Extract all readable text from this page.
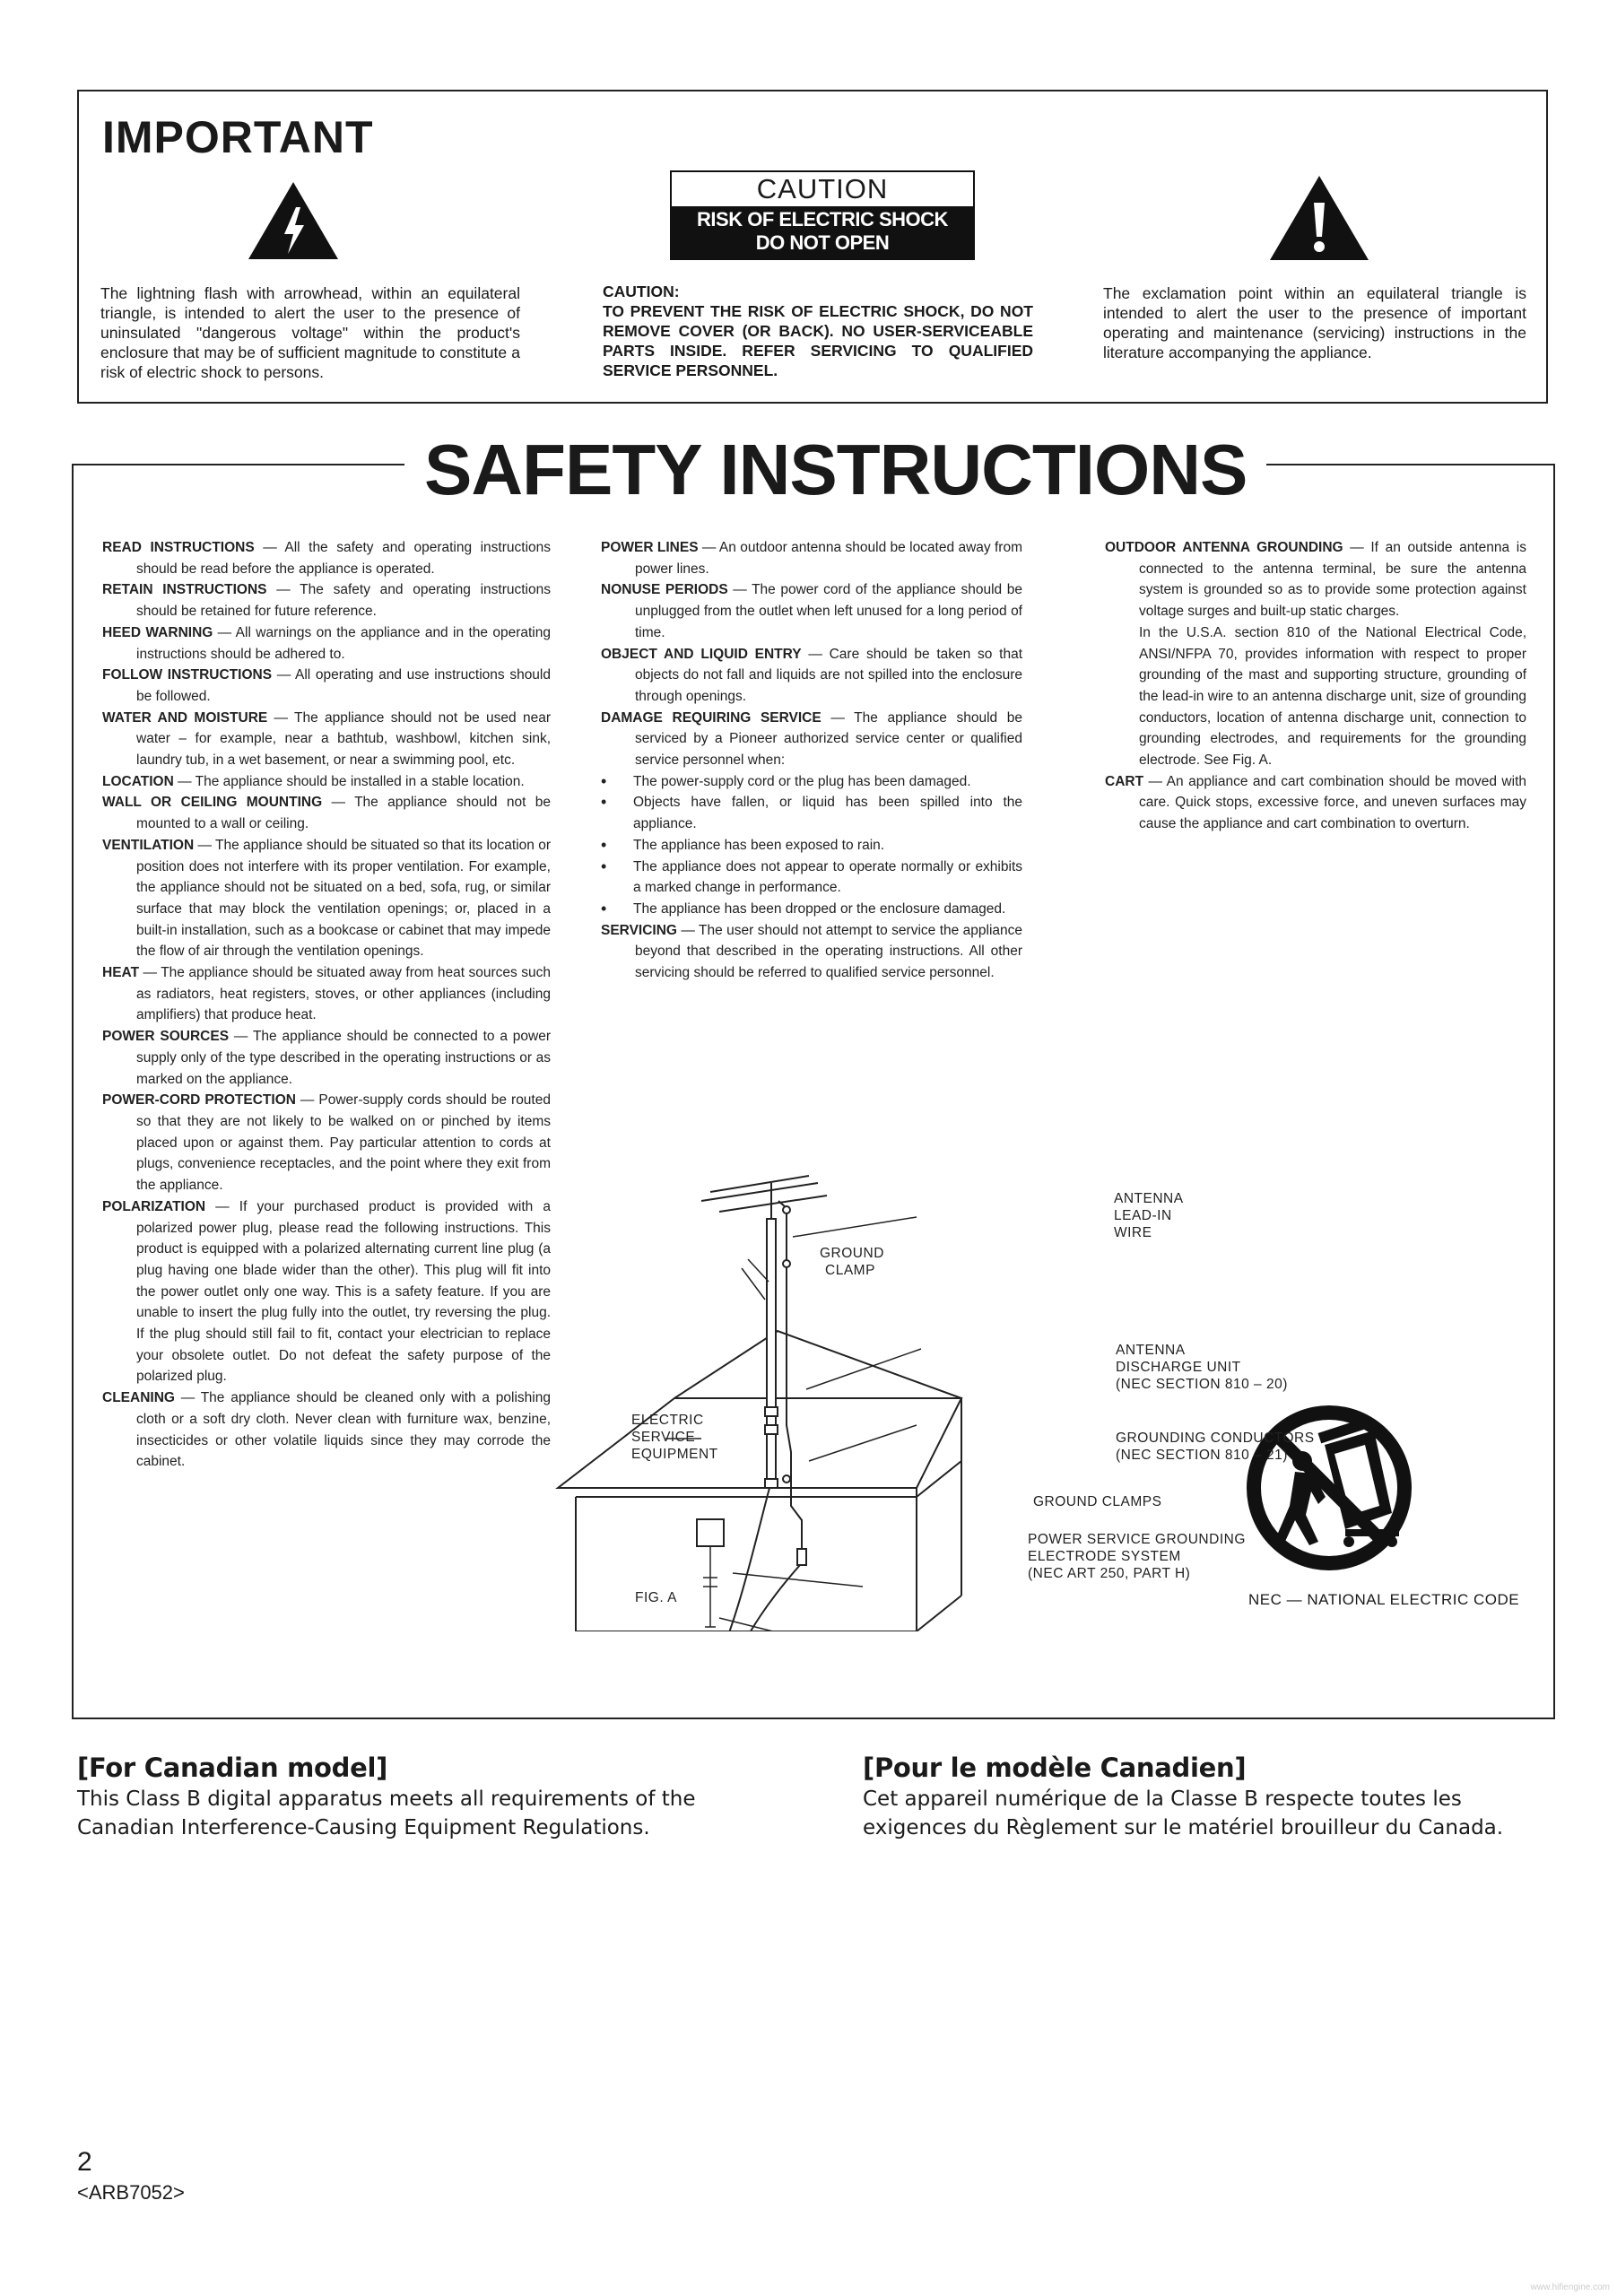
IMPORTANT
The lightning flash with arrowhead, within an equilateral triangle, is intended to alert the user to the presence of uninsulated "dangerous voltage" within the product's enclosure that may be of sufficient magnitude to constitute a risk of electric shock to persons.
CAUTION
RISK OF ELECTRIC SHOCK
DO NOT OPEN
CAUTION:
TO PREVENT THE RISK OF ELECTRIC SHOCK, DO NOT REMOVE COVER (OR BACK). NO USER-SERVICEABLE PARTS INSIDE. REFER SERVICING TO QUALIFIED SERVICE PERSONNEL.
The exclamation point within an equilateral triangle is intended to alert the user to the presence of important operating and maintenance (servicing) instructions in the literature accompanying the appliance.
SAFETY INSTRUCTIONS

READ INSTRUCTIONS — All the safety and operating instructions should be read before the appliance is operated.

RETAIN INSTRUCTIONS — The safety and operating instructions should be retained for future reference.

HEED WARNING — All warnings on the appliance and in the operating instructions should be adhered to.

FOLLOW INSTRUCTIONS — All operating and use instructions should be followed.

WATER AND MOISTURE — The appliance should not be used near water – for example, near a bathtub, washbowl, kitchen sink, laundry tub, in a wet basement, or near a swimming pool, etc.

LOCATION — The appliance should be installed in a stable location.

WALL OR CEILING MOUNTING — The appliance should not be mounted to a wall or ceiling.

VENTILATION — The appliance should be situated so that its location or position does not interfere with its proper ventilation. For example, the appliance should not be situated on a bed, sofa, rug, or similar surface that may block the ventilation openings; or, placed in a built-in installation, such as a bookcase or cabinet that may impede the flow of air through the ventilation openings.

HEAT — The appliance should be situated away from heat sources such as radiators, heat registers, stoves, or other appliances (including amplifiers) that produce heat.

POWER SOURCES — The appliance should be connected to a power supply only of the type described in the operating instructions or as marked on the appliance.

POWER-CORD PROTECTION — Power-supply cords should be routed so that they are not likely to be walked on or pinched by items placed upon or against them. Pay particular attention to cords at plugs, convenience receptacles, and the point where they exit from the appliance.

POLARIZATION — If your purchased product is provided with a polarized power plug, please read the following instructions. This product is equipped with a polarized alternating current line plug (a plug having one blade wider than the other). This plug will fit into the power outlet only one way. This is a safety feature. If you are unable to insert the plug fully into the outlet, try reversing the plug. If the plug should still fail to fit, contact your electrician to replace your obsolete outlet. Do not defeat the safety purpose of the polarized plug.

CLEANING — The appliance should be cleaned only with a polishing cloth or a soft dry cloth. Never clean with furniture wax, benzine, insecticides or other volatile liquids since they may corrode the cabinet.

POWER LINES — An outdoor antenna should be located away from power lines.

NONUSE PERIODS — The power cord of the appliance should be unplugged from the outlet when left unused for a long period of time.

OBJECT AND LIQUID ENTRY — Care should be taken so that objects do not fall and liquids are not spilled into the enclosure through openings.

DAMAGE REQUIRING SERVICE — The appliance should be serviced by a Pioneer authorized service center or qualified service personnel when:

• The power-supply cord or the plug has been damaged.

• Objects have fallen, or liquid has been spilled into the appliance.

• The appliance has been exposed to rain.

• The appliance does not appear to operate normally or exhibits a marked change in performance.

• The appliance has been dropped or the enclosure damaged.

SERVICING — The user should not attempt to service the appliance beyond that described in the operating instructions. All other servicing should be referred to qualified service personnel.

OUTDOOR ANTENNA GROUNDING — If an outside antenna is connected to the antenna terminal, be sure the antenna system is grounded so as to provide some protection against voltage surges and built-up static charges.

In the U.S.A. section 810 of the National Electrical Code, ANSI/NFPA 70, provides information with respect to proper grounding of the mast and supporting structure, grounding of the lead-in wire to an antenna discharge unit, size of grounding conductors, location of antenna discharge unit, connection to grounding electrodes, and requirements for the grounding electrode. See Fig. A.

CART — An appliance and cart combination should be moved with care. Quick stops, excessive force, and uneven surfaces may cause the appliance and cart combination to overturn.

NEC — NATIONAL ELECTRIC CODE
ANTENNA
LEAD-IN
WIRE
GROUND
CLAMP
ANTENNA
DISCHARGE UNIT
(NEC SECTION 810 – 20)
ELECTRIC
SERVICE
EQUIPMENT
GROUNDING CONDUCTORS
(NEC SECTION 810 – 21)
GROUND CLAMPS
POWER SERVICE GROUNDING
ELECTRODE SYSTEM
(NEC ART 250, PART H)
FIG. A
[For Canadian model]

This Class B digital apparatus meets all requirements of the Canadian Interference-Causing Equipment Regulations.

[Pour le modèle Canadien]

Cet appareil numérique de la Classe B respecte toutes les exigences du Règlement sur le matériel brouilleur du Canada.

2
<ARB7052>
www.hifiengine.com
